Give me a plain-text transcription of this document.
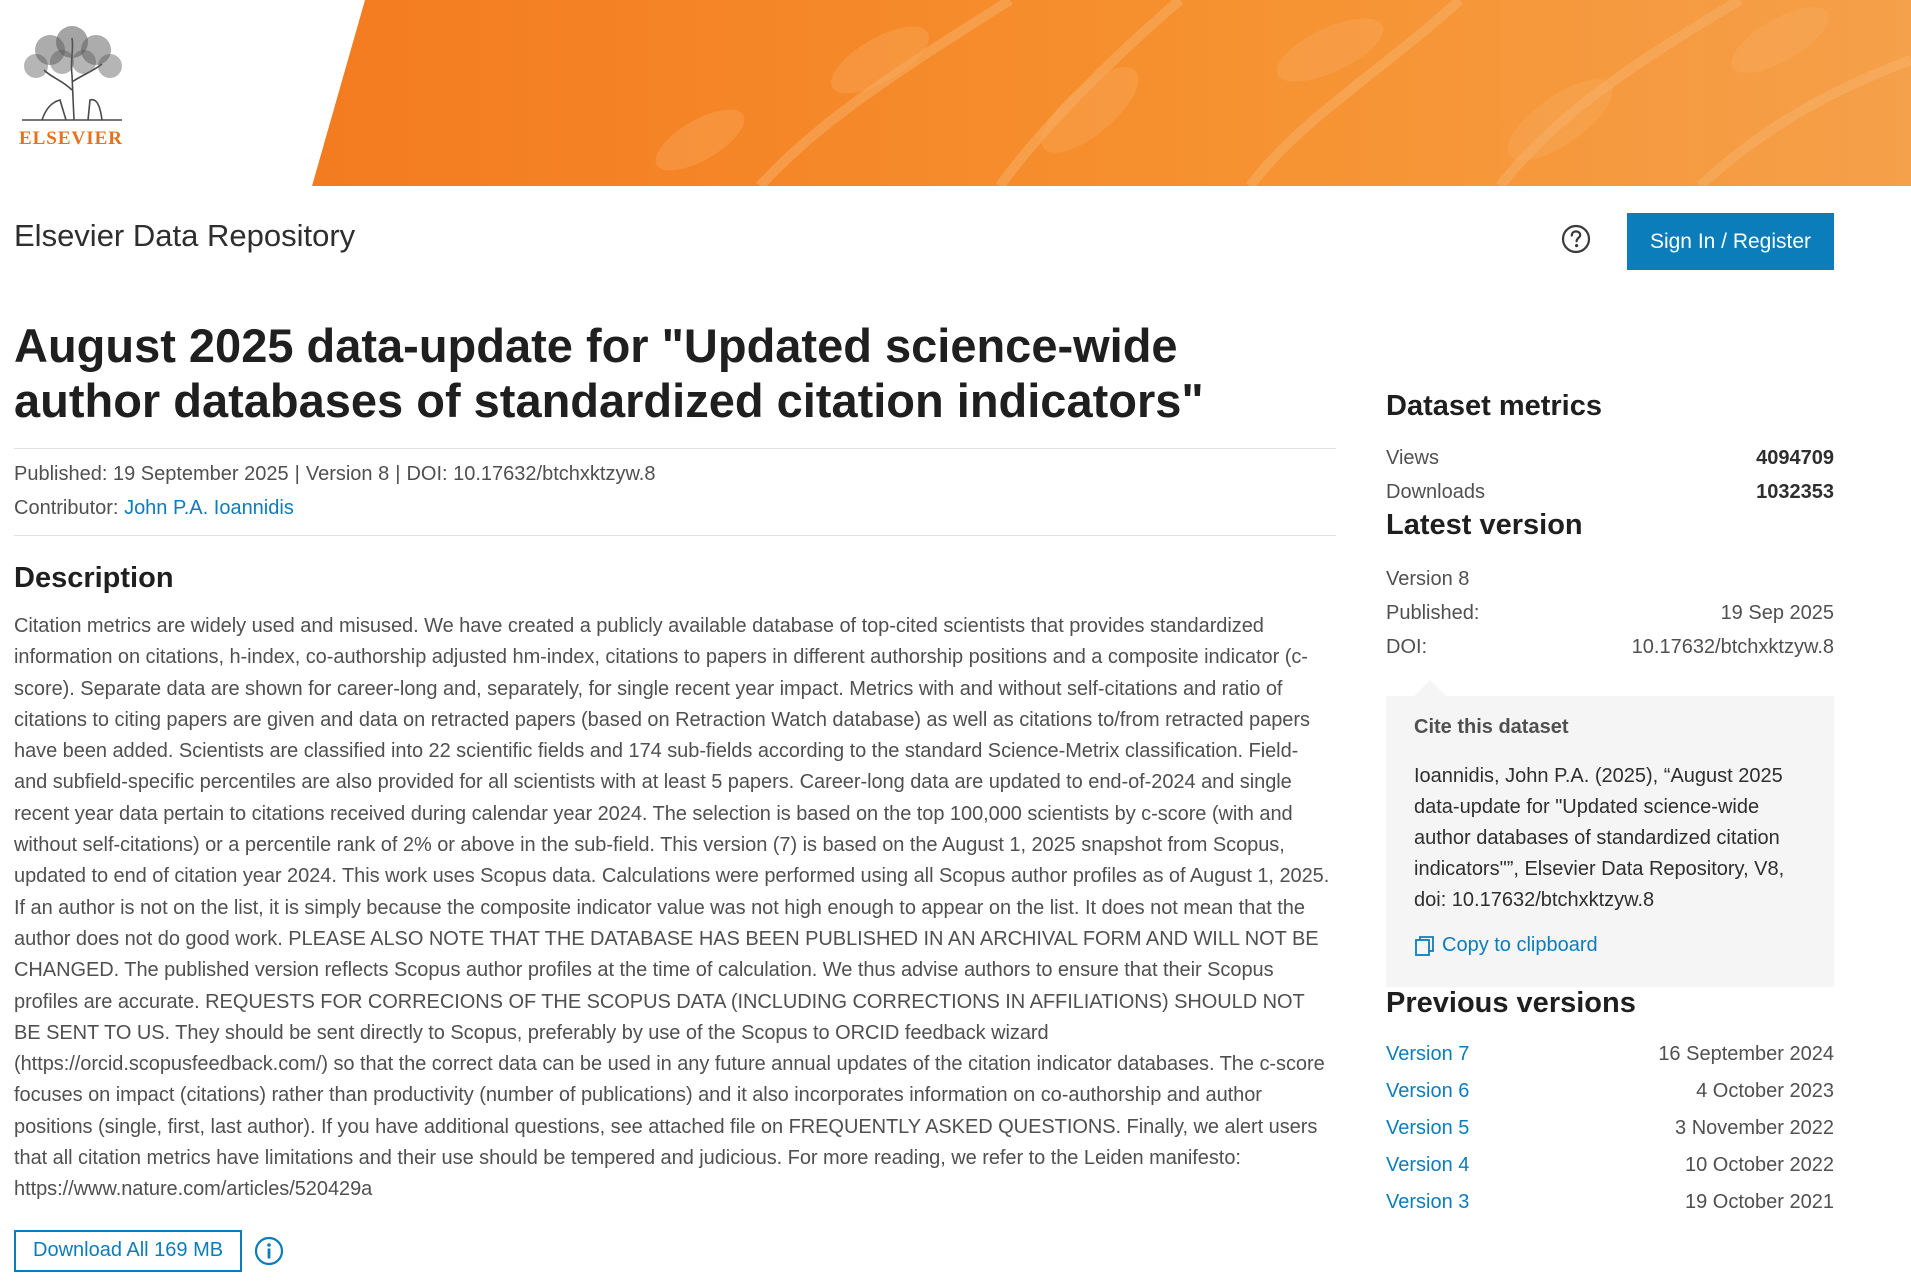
ELSEVIER
Elsevier Data Repository	Sign In / Register
August 2025 data-update for "Updated science-wide author databases of standardized citation indicators"
Published: 19 September 2025 | Version 8 | DOI: 10.17632/btchxktzyw.8
Contributor: John P.A. Ioannidis
Description

Citation metrics are widely used and misused. We have created a publicly available database of top-cited scientists that provides standardized information on citations, h-index, co-authorship adjusted hm-index, citations to papers in different authorship positions and a composite indicator (c-score). Separate data are shown for career-long and, separately, for single recent year impact. Metrics with and without self-citations and ratio of citations to citing papers are given and data on retracted papers (based on Retraction Watch database) as well as citations to/from retracted papers have been added. Scientists are classified into 22 scientific fields and 174 sub-fields according to the standard Science-Metrix classification. Field- and subfield-specific percentiles are also provided for all scientists with at least 5 papers. Career-long data are updated to end-of-2024 and single recent year data pertain to citations received during calendar year 2024. The selection is based on the top 100,000 scientists by c-score (with and without self-citations) or a percentile rank of 2% or above in the sub-field. This version (7) is based on the August 1, 2025 snapshot from Scopus, updated to end of citation year 2024. This work uses Scopus data. Calculations were performed using all Scopus author profiles as of August 1, 2025. If an author is not on the list, it is simply because the composite indicator value was not high enough to appear on the list. It does not mean that the author does not do good work. PLEASE ALSO NOTE THAT THE DATABASE HAS BEEN PUBLISHED IN AN ARCHIVAL FORM AND WILL NOT BE CHANGED. The published version reflects Scopus author profiles at the time of calculation. We thus advise authors to ensure that their Scopus profiles are accurate. REQUESTS FOR CORRECIONS OF THE SCOPUS DATA (INCLUDING CORRECTIONS IN AFFILIATIONS) SHOULD NOT BE SENT TO US. They should be sent directly to Scopus, preferably by use of the Scopus to ORCID feedback wizard (https://orcid.scopusfeedback.com/) so that the correct data can be used in any future annual updates of the citation indicator databases. The c-score focuses on impact (citations) rather than productivity (number of publications) and it also incorporates information on co-authorship and author positions (single, first, last author). If you have additional questions, see attached file on FREQUENTLY ASKED QUESTIONS. Finally, we alert users that all citation metrics have limitations and their use should be tempered and judicious. For more reading, we refer to the Leiden manifesto: https://www.nature.com/articles/520429a

Download All 169 MB
Dataset metrics
Views	4094709
Downloads	1032353
Latest version
Version 8
Published:	19 Sep 2025
DOI:	10.17632/btchxktzyw.8
Cite this dataset
Ioannidis, John P.A. (2025), “August 2025 data-update for "Updated science-wide author databases of standardized citation indicators"”, Elsevier Data Repository, V8, doi: 10.17632/btchxktzyw.8
Copy to clipboard
Previous versions
Version 7	16 September 2024
Version 6	4 October 2023
Version 5	3 November 2022
Version 4	10 October 2022
Version 3	19 October 2021
